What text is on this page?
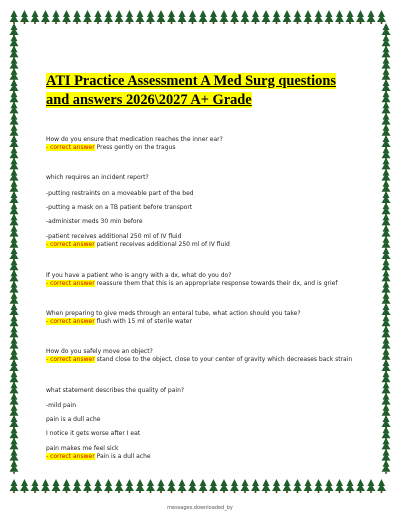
ATI Practice Assessment A Med Surg questions and answers 2026\2027 A+ Grade

How do you ensure that medication reaches the inner ear?

- correct answer Press gently on the tragus

which requires an incident report?

-putting restraints on a moveable part of the bed

-putting a mask on a TB patient before transport

-administer meds 30 min before

-patient receives additional 250 ml of IV fluid

- correct answer patient receives additional 250 ml of IV fluid

If you have a patient who is angry with a dx, what do you do?

- correct answer reassure them that this is an appropriate response towards their dx, and is grief

When preparing to give meds through an enteral tube, what action should you take?

- correct answer flush with 15 ml of sterile water

How do you safely move an object?

- correct answer stand close to the object, close to your center of gravity which decreases back strain

what statement describes the quality of pain?

-mild pain

pain is a dull ache

I notice it gets worse after I eat

pain makes me feel sick

- correct answer Pain is a dull ache

messages.downloaded_by
